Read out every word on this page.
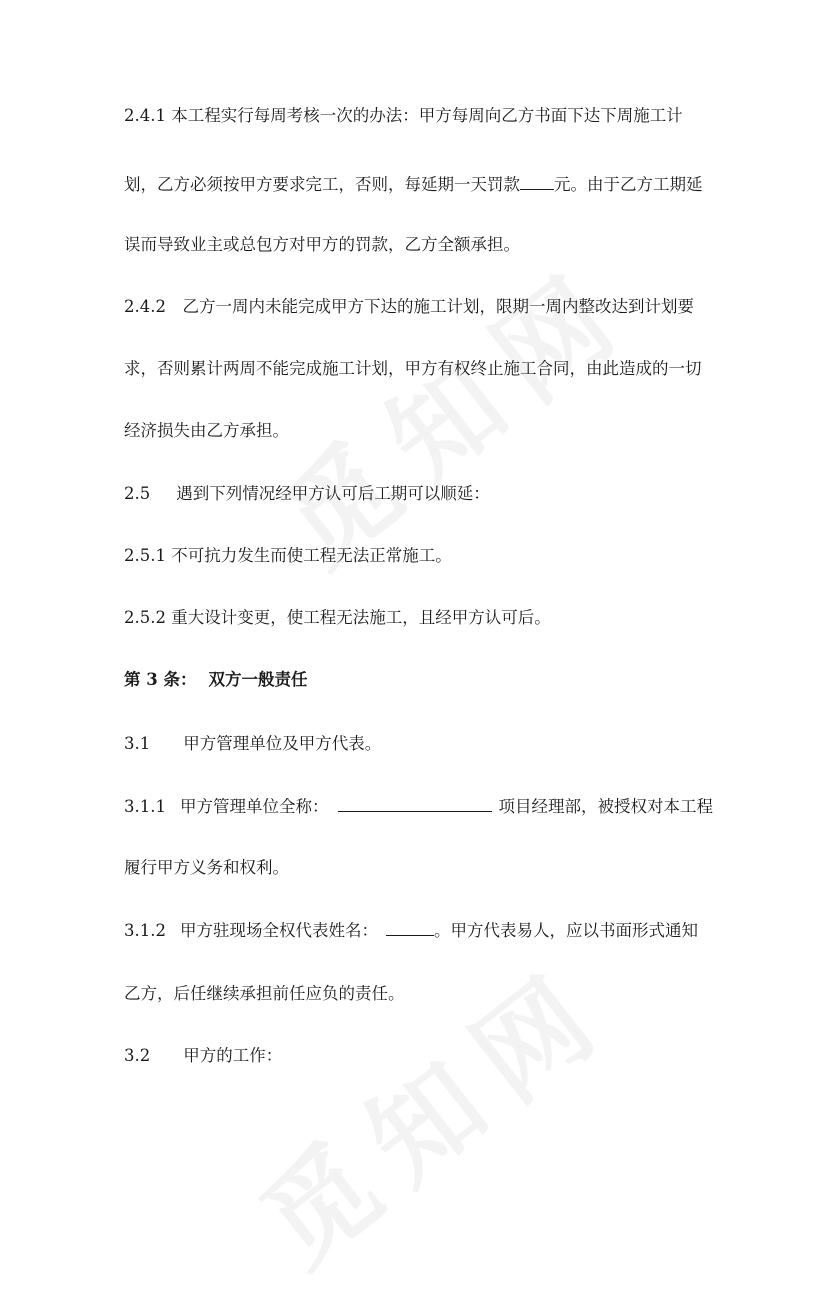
2.4.1 本工程实行每周考核一次的办法：甲方每周向乙方书面下达下周施工计
划，乙方必须按甲方要求完工，否则，每延期一天罚款 元。由于乙方工期延
误而导致业主或总包方对甲方的罚款，乙方全额承担。
2.4.2　乙方一周内未能完成甲方下达的施工计划，限期一周内整改达到计划要
求，否则累计两周不能完成施工计划，甲方有权终止施工合同，由此造成的一切
经济损失由乙方承担。
2.5 遇到下列情况经甲方认可后工期可以顺延：
2.5.1 不可抗力发生而使工程无法正常施工。
2.5.2 重大设计变更，使工程无法施工，且经甲方认可后。
第 3 条： 双方一般责任
3.1 甲方管理单位及甲方代表。
3.1.1 甲方管理单位全称：	项目经理部，被授权对本工程
履行甲方义务和权利。
3.1.2 甲方驻现场全权代表姓名：	。甲方代表易人，应以书面形式通知
乙方，后任继续承担前任应负的责任。
3.2 甲方的工作：
